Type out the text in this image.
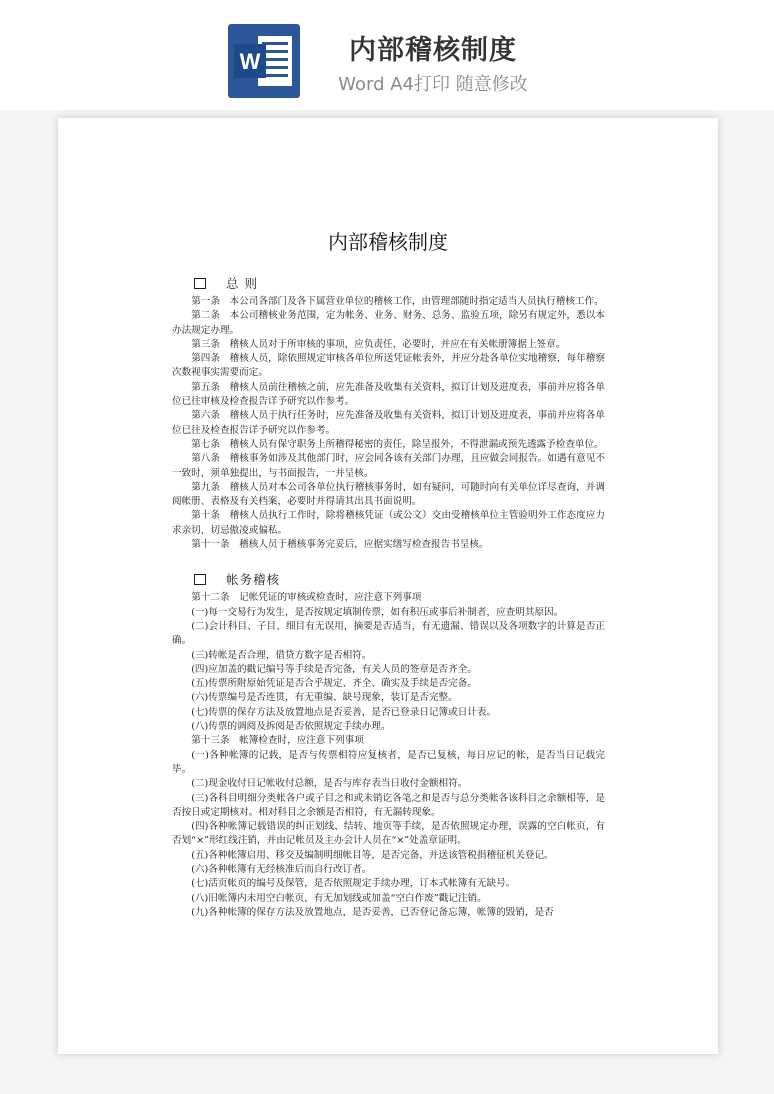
W	内部稽核制度
Word A4打印 随意修改
内部稽核制度
总 则
第一条　本公司各部门及各下属营业单位的稽核工作，由管理部随时指定适当人员执行稽核工作。
第二条　本公司稽核业务范围，定为帐务、业务、财务、总务、监验五项，除另有规定外，悉以本办法规定办理。
第三条　稽核人员对于所审核的事项，应负责任，必要时，并应在有关帐册簿据上签章。
第四条　稽核人员，除依照规定审核各单位所送凭证帐表外，并应分赴各单位实地稽察，每年稽察次数视事实需要而定。
第五条　稽核人员前往稽核之前，应先准备及收集有关资料，拟订计划及进度表，事前并应将各单位已往审核及检查报告详予研究以作参考。
第六条　稽核人员于执行任务时，应先准备及收集有关资料，拟订计划及进度表，事前并应将各单位已往及检查报告详予研究以作参考。
第七条　稽核人员有保守职务上所稽得秘密的责任，除呈报外，不得泄漏或预先透露予检查单位。
第八条　稽核事务如涉及其他部门时，应会同各该有关部门办理，且应做会同报告。如遇有意见不一致时，须单独提出，与书面报告，一并呈核。
第九条　稽核人员对本公司各单位执行稽核事务时，如有疑问，可随时向有关单位详尽查询，并调阅帐册、表格及有关档案，必要时并得请其出具书面说明。
第十条　稽核人员执行工作时，除将稽核凭证（或公文）交由受稽核单位主管验明外工作态度应力求亲切，切忌傲凌或偏私。
第十一条　稽核人员于稽核事务完妥后，应据实缮写检查报告书呈核。
帐务稽核
第十二条　记帐凭证的审核或检查时，应注意下列事项
(一)每一交易行为发生，是否按规定填制传票，如有积压或事后补制者，应查明其原因。
(二)会计科目、子目、细目有无误用，摘要是否适当，有无遗漏、错误以及各项数字的计算是否正确。
(三)转帐是否合理，借贷方数字是否相符。
(四)应加盖的戳记编号等手续是否完备，有关人员的签章是否齐全。
(五)传票所附原始凭证是否合乎规定、齐全、确实及手续是否完备。
(六)传票编号是否连贯，有无重编、缺号现象，装订是否完整。
(七)传票的保存方法及放置地点是否妥善，是否已登录日记簿或日计表。
(八)传票的调阅及拆阅是否依照规定手续办理。
第十三条　帐簿检查时，应注意下列事项
(一)各种帐簿的记载，是否与传票相符应复核者，是否已复核，每日应记的帐，是否当日记载完毕。
(二)现金收付日记帐收付总额，是否与库存表当日收付金额相符。
(三)各科目明细分类帐各户或子目之和或未销讫各笔之和是否与总分类帐各该科目之余额相等，是否按日或定期核对。相对科目之余额是否相符，有无漏转现象。
(四)各种帐簿记载错误的纠正划线、结转、地页等手续，是否依照规定办理，误露的空白帐页，有否划“×”形红线注销，并由记帐员及主办会计人员在“×”处盖章证明。
(五)各种帐簿启用、移交及编制明细帐目等，是否完备，并送该管税捐稽征机关登记。
(六)各种帐簿有无经核准后而自行改订者。
(七)活页帐页的编号及保管，是否依照规定手续办理，订本式帐簿有无缺号。
(八)旧帐簿内未用空白帐页，有无加划线或加盖“空白作废”戳记注销。
(九)各种帐簿的保存方法及放置地点，是否妥善，已否登记备忘簿，帐簿的毁销，是否
